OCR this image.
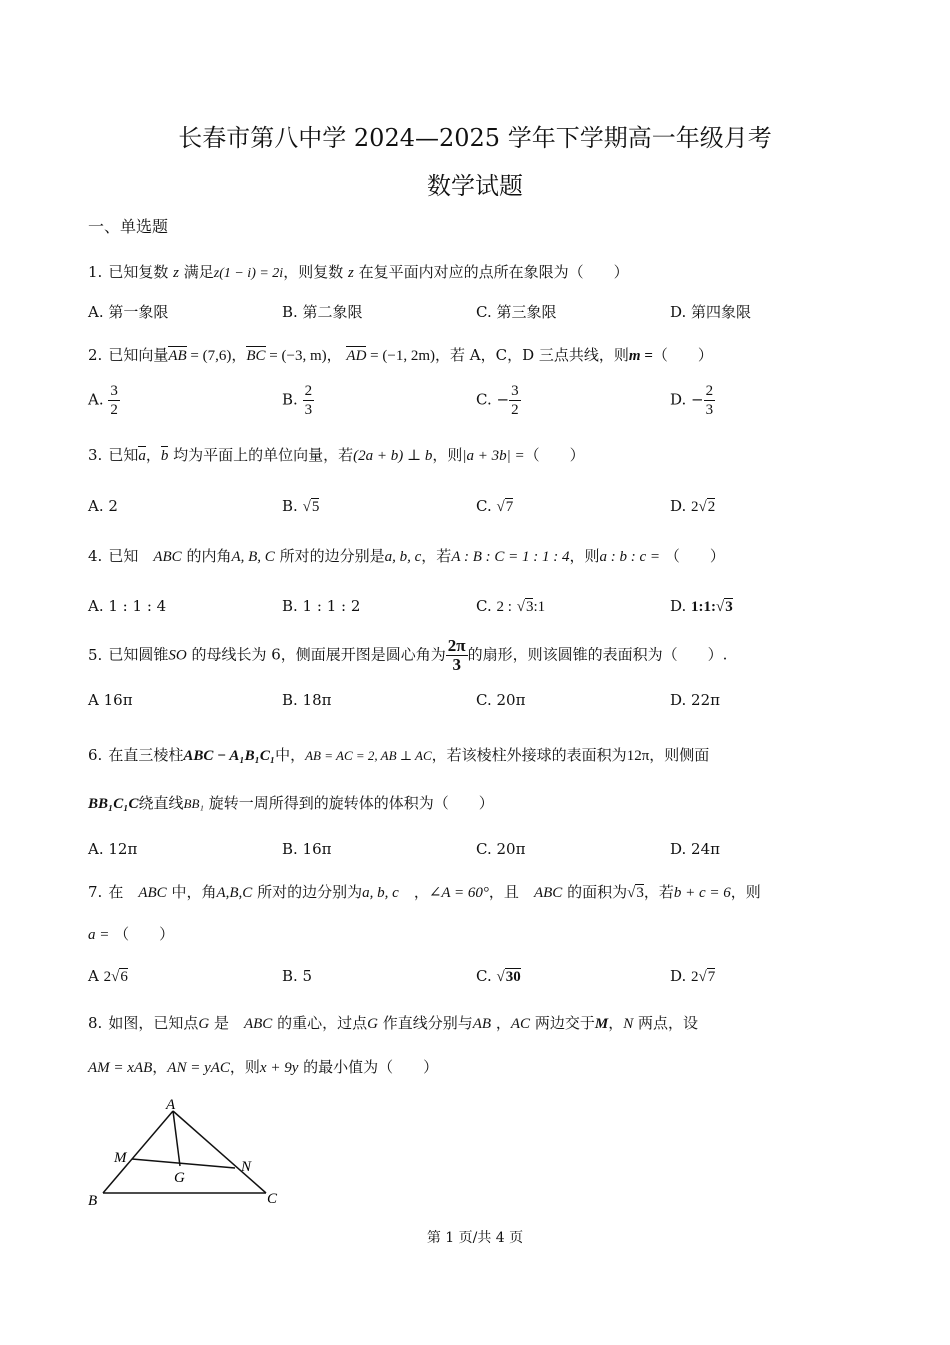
长春市第八中学 2024—2025 学年下学期高一年级月考
数学试题
一、单选题
1. 已知复数 z 满足z(1 − i) = 2i，则复数 z 在复平面内对应的点所在象限为（　　）
A. 第一象限	B. 第二象限	C. 第三象限	D. 第四象限
2. 已知向量AB = (7,6)，BC = (−3, m)， AD = (−1, 2m)，若 A，C，D 三点共线，则m =（　　）
A. $\frac{3}{2}$	B. $\frac{2}{3}$	C. − $\frac{3}{2}$	D. − $\frac{2}{3}$
3. 已知a，b 均为平面上的单位向量，若(2a + b) ⊥ b，则|a + 3b| =（　　）
A. 2	B. √5	C. √7	D. 2√2
4. 已知　 ABC 的内角A, B, C 所对的边分别是a, b, c，若A : B : C = 1 : 1 : 4，则a : b : c = （　　）
A. 1 : 1 : 4	B. 1 : 1 : 2	C. 2 : √3:1	D. 1:1:√3
5. 已知圆锥SO 的母线长为 6，侧面展开图是圆心角为 $\frac{2\pi}{3}$ 的扇形，则该圆锥的表面积为（　　）.
A 16π	B. 18π	C. 20π	D. 22π
6. 在直三棱柱ABC − A₁B₁C₁中，AB = AC = 2, AB ⊥ AC，若该棱柱外接球的表面积为12π，则侧面
BB₁C₁C绕直线BB₁ 旋转一周所得到的旋转体的体积为（　　）
A. 12π	B. 16π	C. 20π	D. 24π
7. 在　 ABC 中，角A,B,C 所对的边分别为a, b, c　 ，∠A = 60°，且　 ABC 的面积为√3，若b + c = 6，则
a = （　　）
A 2√6	B. 5	C. √30	D. 2√7
8. 如图，已知点G 是　 ABC 的重心，过点G 作直线分别与AB ，AC 两边交于M，N 两点，设
AM = xAB，AN = yAC，则x + 9y 的最小值为（　　）
A
M
G
N
B	C
第 1 页/共 4 页
